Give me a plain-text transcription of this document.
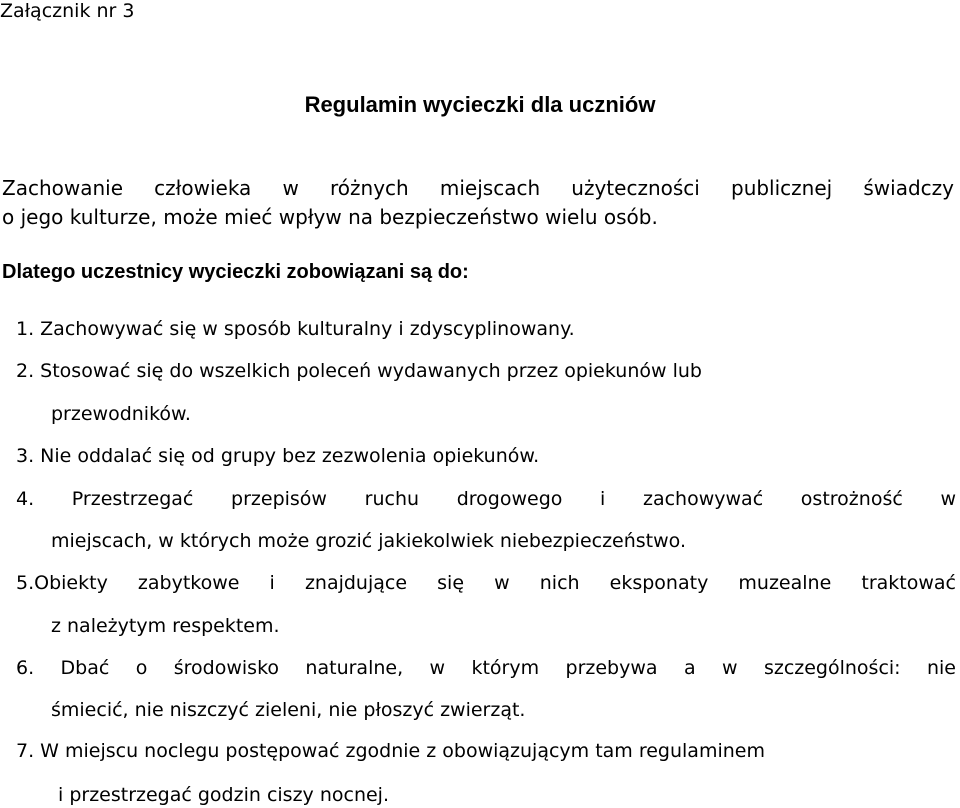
Załącznik nr 3
Regulamin wycieczki dla uczniów
Zachowanie człowieka w różnych miejscach użyteczności publicznej świadczy
o jego kulturze, może mieć wpływ na bezpieczeństwo wielu osób.
Dlatego uczestnicy wycieczki zobowiązani są do:
1. Zachowywać się w sposób kulturalny i zdyscyplinowany.
2. Stosować się do wszelkich poleceń wydawanych przez opiekunów lub
przewodników.
3. Nie oddalać się od grupy bez zezwolenia opiekunów.
4. Przestrzegać przepisów ruchu drogowego i zachowywać ostrożność w
miejscach, w których może grozić jakiekolwiek niebezpieczeństwo.
5.Obiekty zabytkowe i znajdujące się w nich eksponaty muzealne traktować
z należytym respektem.
6. Dbać o środowisko naturalne, w którym przebywa a w szczególności: nie
śmiecić, nie niszczyć zieleni, nie płoszyć zwierząt.
7. W miejscu noclegu postępować zgodnie z obowiązującym tam regulaminem
i przestrzegać godzin ciszy nocnej.
